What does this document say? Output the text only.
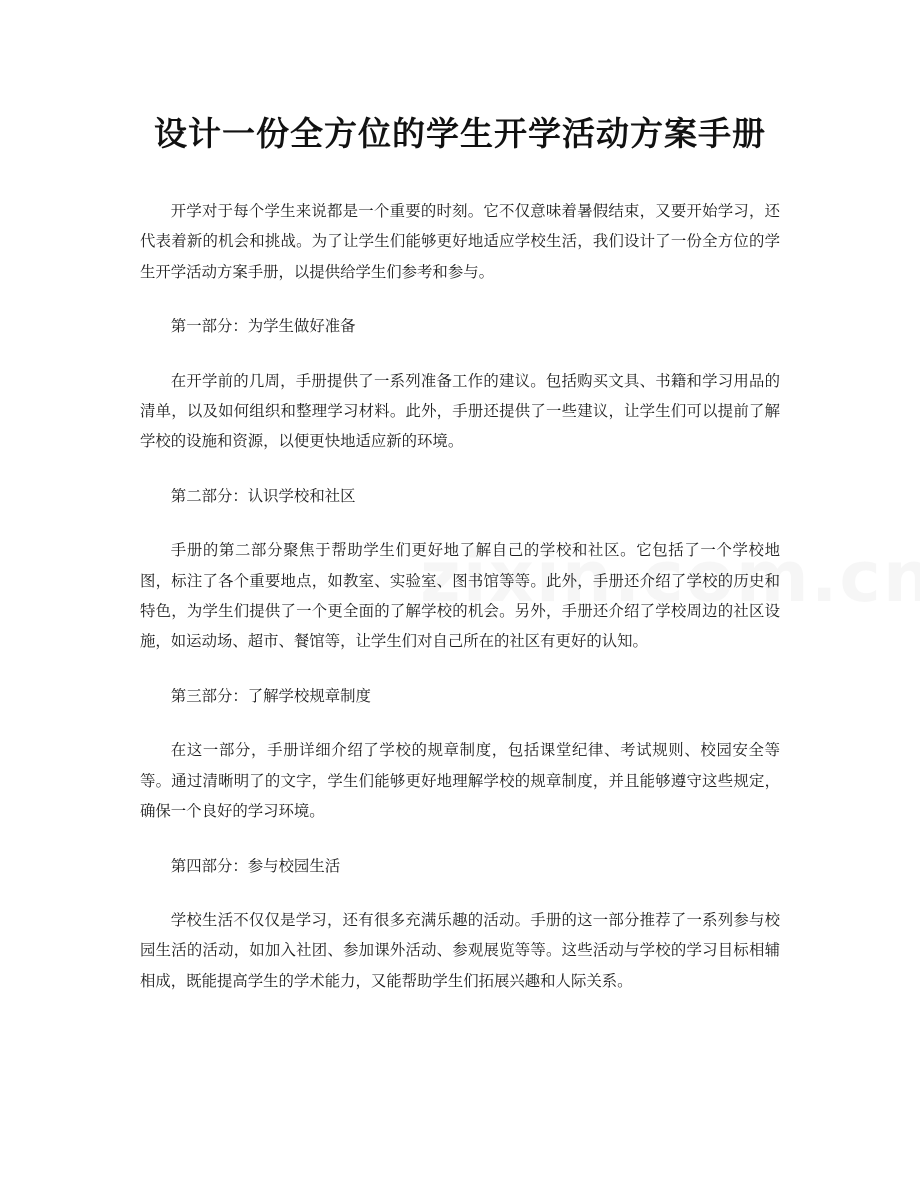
设计一份全方位的学生开学活动方案手册

开学对于每个学生来说都是一个重要的时刻。它不仅意味着暑假结束，又要开始学习，还代表着新的机会和挑战。为了让学生们能够更好地适应学校生活，我们设计了一份全方位的学生开学活动方案手册，以提供给学生们参考和参与。

第一部分：为学生做好准备

在开学前的几周，手册提供了一系列准备工作的建议。包括购买文具、书籍和学习用品的清单，以及如何组织和整理学习材料。此外，手册还提供了一些建议，让学生们可以提前了解学校的设施和资源，以便更快地适应新的环境。

第二部分：认识学校和社区

手册的第二部分聚焦于帮助学生们更好地了解自己的学校和社区。它包括了一个学校地图，标注了各个重要地点，如教室、实验室、图书馆等等。此外，手册还介绍了学校的历史和特色，为学生们提供了一个更全面的了解学校的机会。另外，手册还介绍了学校周边的社区设施，如运动场、超市、餐馆等，让学生们对自己所在的社区有更好的认知。

第三部分：了解学校规章制度

在这一部分，手册详细介绍了学校的规章制度，包括课堂纪律、考试规则、校园安全等等。通过清晰明了的文字，学生们能够更好地理解学校的规章制度，并且能够遵守这些规定，确保一个良好的学习环境。

第四部分：参与校园生活

学校生活不仅仅是学习，还有很多充满乐趣的活动。手册的这一部分推荐了一系列参与校园生活的活动，如加入社团、参加课外活动、参观展览等等。这些活动与学校的学习目标相辅相成，既能提高学生的学术能力，又能帮助学生们拓展兴趣和人际关系。
